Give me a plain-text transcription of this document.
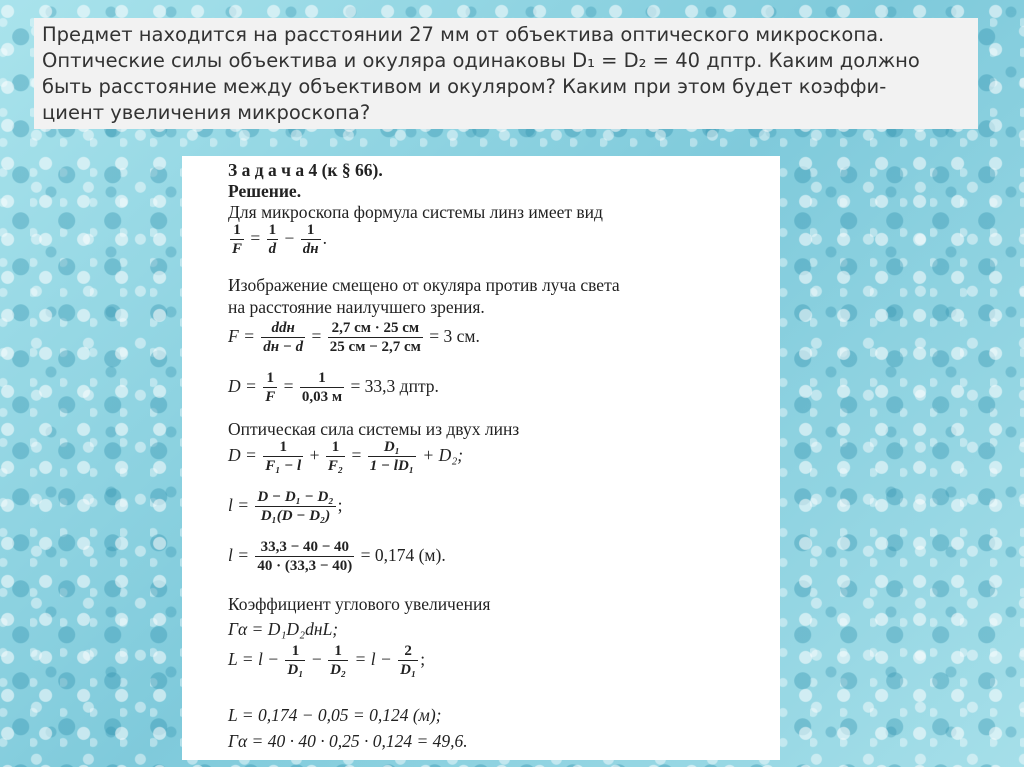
Предмет находится на расстоянии 27 мм от объектива оптического микроскопа.
Оптические силы объектива и окуляра одинаковы D₁ = D₂ = 40 дптр. Каким должно
быть расстояние между объективом и окуляром? Каким при этом будет коэффи-
циент увеличения микроскопа?
З а д а ч а 4 (к § 66).
Решение.
Для микроскопа формула системы линз имеет вид
$\frac{1}{F} = \frac{1}{d} - \frac{1}{dн}$ .
Изображение смещено от окуляра против луча света
на расстояние наилучшего зрения.
$F = \frac{\text{ddн}}{dн - d} = \frac{2,7 см \cdot 25 см}{25 см - 2,7 см} = 3$ см.
$D = \frac{1}{F} = \frac{1}{0,03 м} = 33,3$ дптр.
Оптическая сила системы из двух линз
$D = \frac{1}{\text{F₁ − l}} + \frac{1}{\text{F₂}} = \frac{\text{D₁}}{\text{1 − lD₁}} + D_2$;
$l = \frac{\text{D − D₁ − D₂}}{\text{D₁(D − D₂)}}$ ;
$l = \frac{33,3 - 40 - 40}{40 \cdot (33,3 - 40)} = 0,174$ (м).
Коэффициент углового увеличения
Γα = D₁D₂dнL;
$L = l - \frac{1}{\text{D₁}} - \frac{1}{\text{D₂}} = l - \frac{2}{\text{D₁}}$ ;
L = 0,174 − 0,05 = 0,124 (м);
Γα = 40 · 40 · 0,25 · 0,124 = 49,6.
